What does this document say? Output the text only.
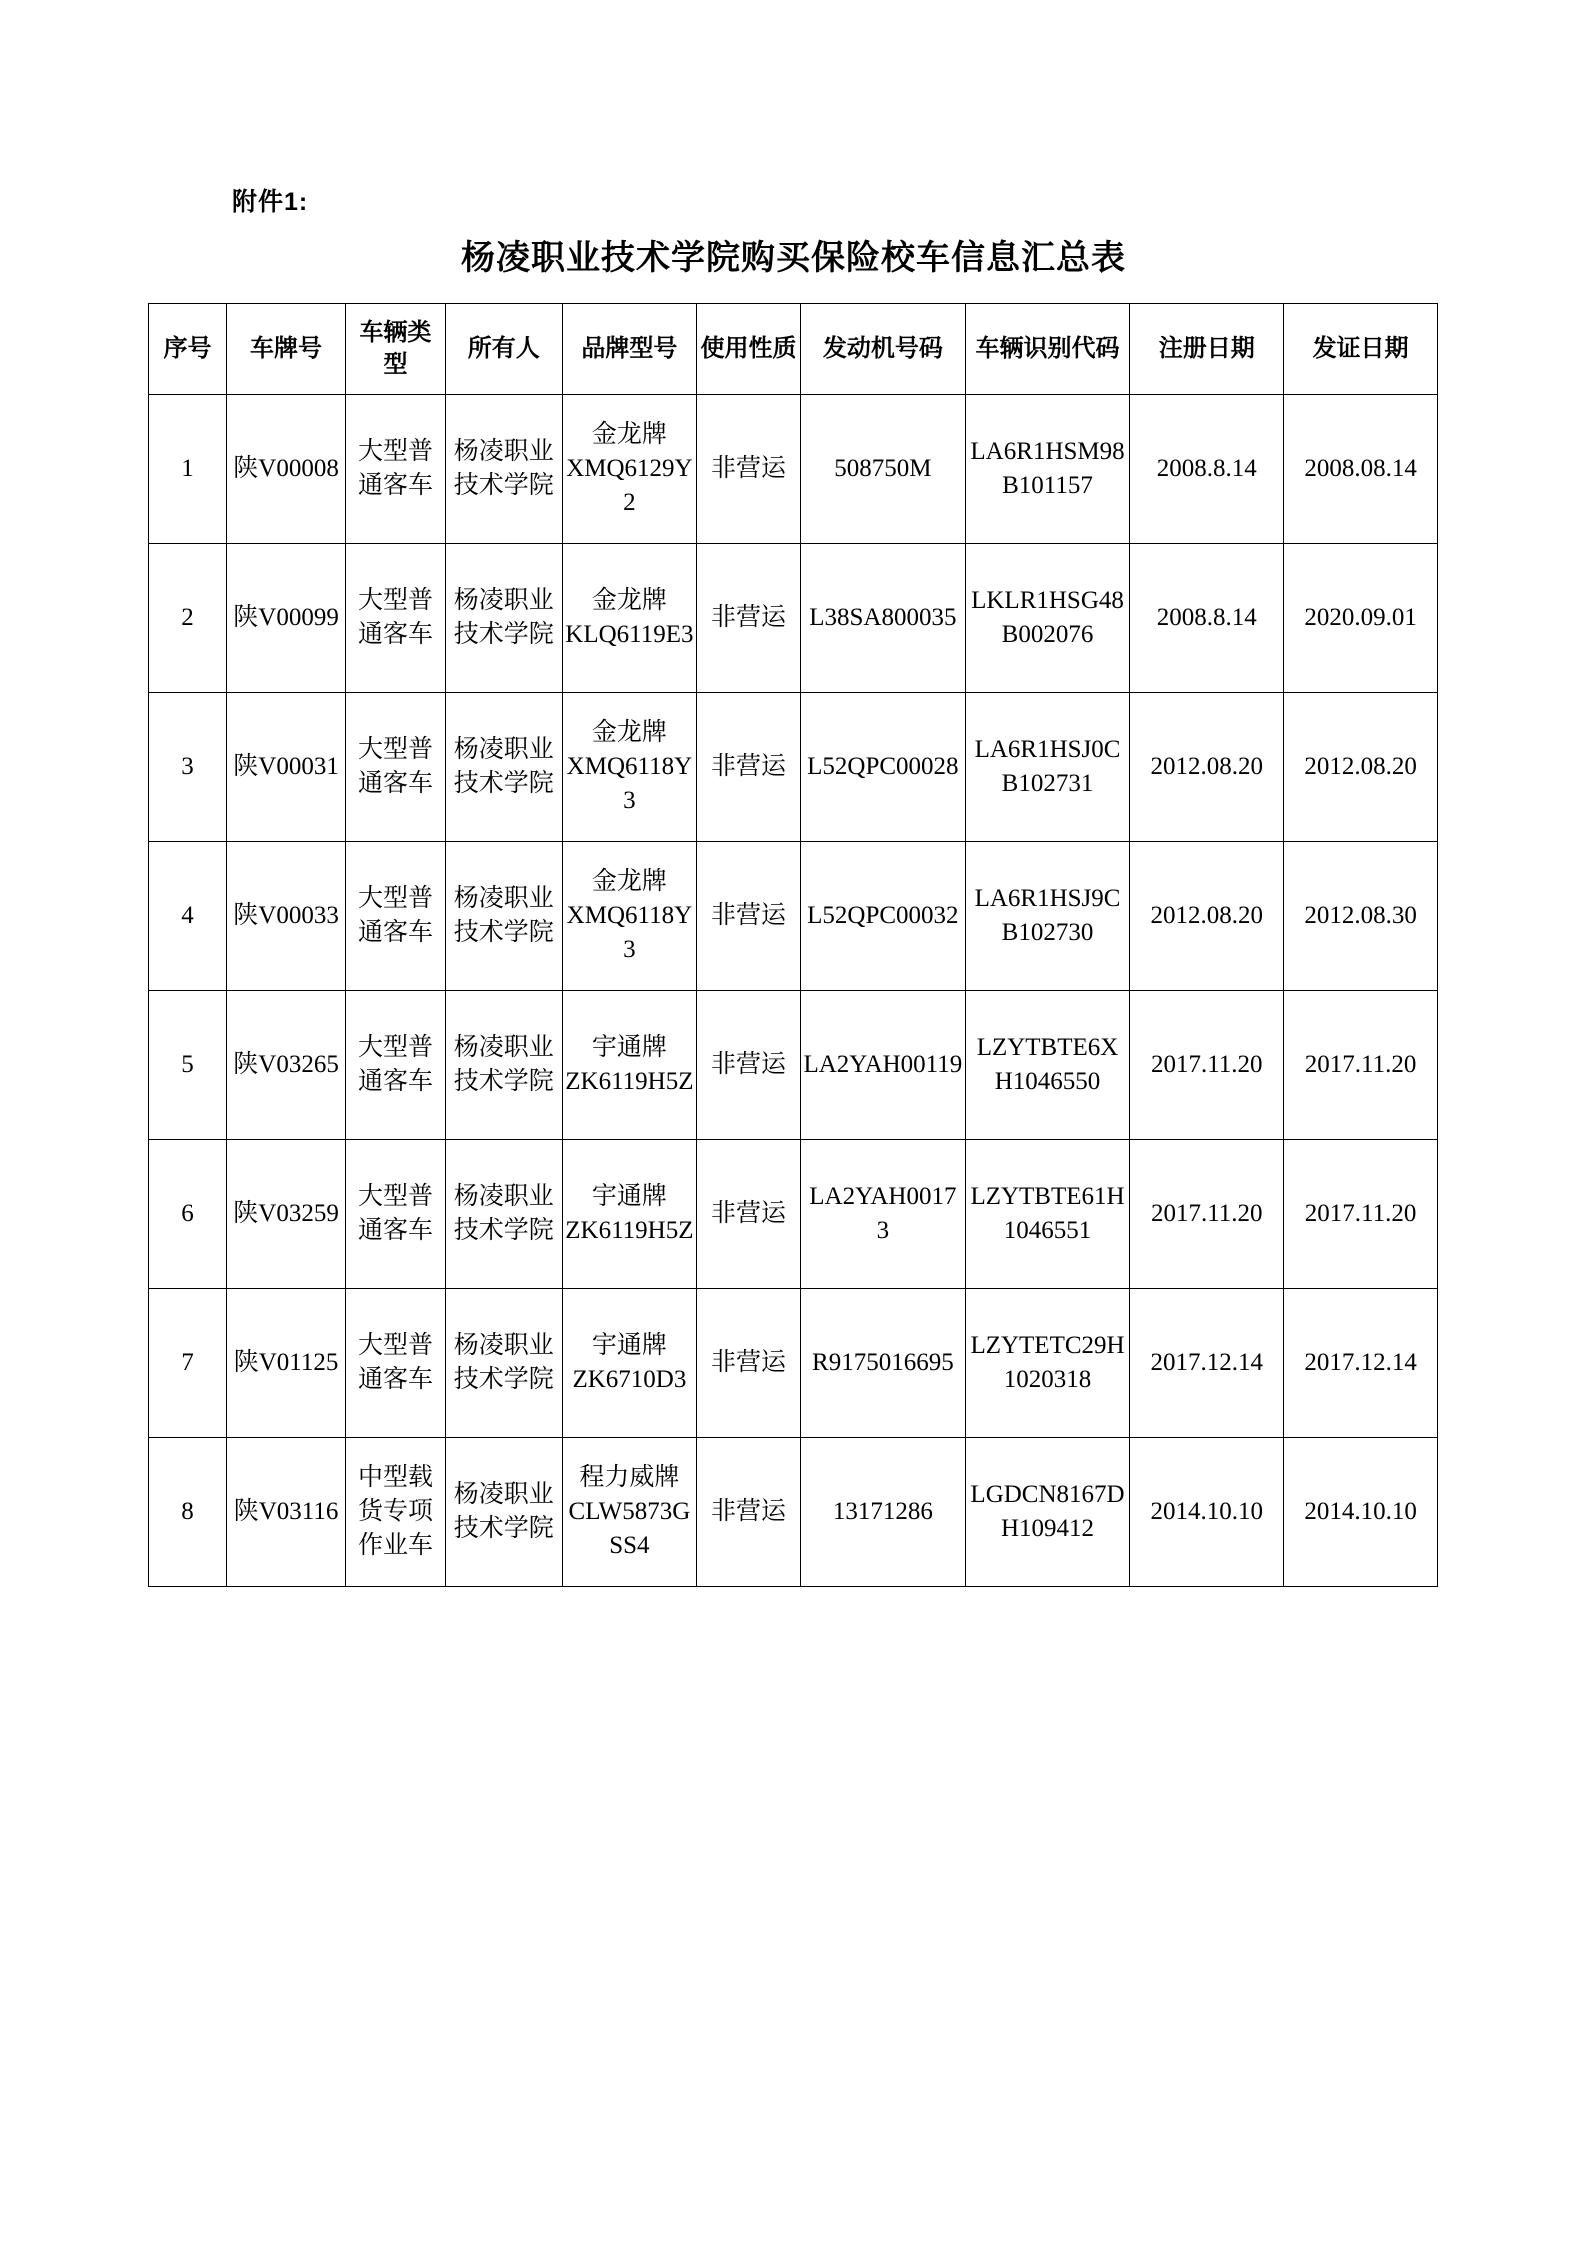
附件1:
杨凌职业技术学院购买保险校车信息汇总表
序号	车牌号	车辆类型	所有人	品牌型号	使用性质	发动机号码	车辆识别代码	注册日期	发证日期
1	陕V00008	大型普通客车	杨凌职业技术学院	金龙牌XMQ6129Y2	非营运	508750M	LA6R1HSM98B101157	2008.8.14	2008.08.14
2	陕V00099	大型普通客车	杨凌职业技术学院	金龙牌KLQ6119E3	非营运	L38SA800035	LKLR1HSG48B002076	2008.8.14	2020.09.01
3	陕V00031	大型普通客车	杨凌职业技术学院	金龙牌XMQ6118Y3	非营运	L52QPC00028	LA6R1HSJ0CB102731	2012.08.20	2012.08.20
4	陕V00033	大型普通客车	杨凌职业技术学院	金龙牌XMQ6118Y3	非营运	L52QPC00032	LA6R1HSJ9CB102730	2012.08.20	2012.08.30
5	陕V03265	大型普通客车	杨凌职业技术学院	宇通牌ZK6119H5Z	非营运	LA2YAH00119	LZYTBTE6XH1046550	2017.11.20	2017.11.20
6	陕V03259	大型普通客车	杨凌职业技术学院	宇通牌ZK6119H5Z	非营运	LA2YAH00173	LZYTBTE61H1046551	2017.11.20	2017.11.20
7	陕V01125	大型普通客车	杨凌职业技术学院	宇通牌ZK6710D3	非营运	R9175016695	LZYTETC29H1020318	2017.12.14	2017.12.14
8	陕V03116	中型载货专项作业车	杨凌职业技术学院	程力威牌CLW5873GSS4	非营运	13171286	LGDCN8167DH109412	2014.10.10	2014.10.10
